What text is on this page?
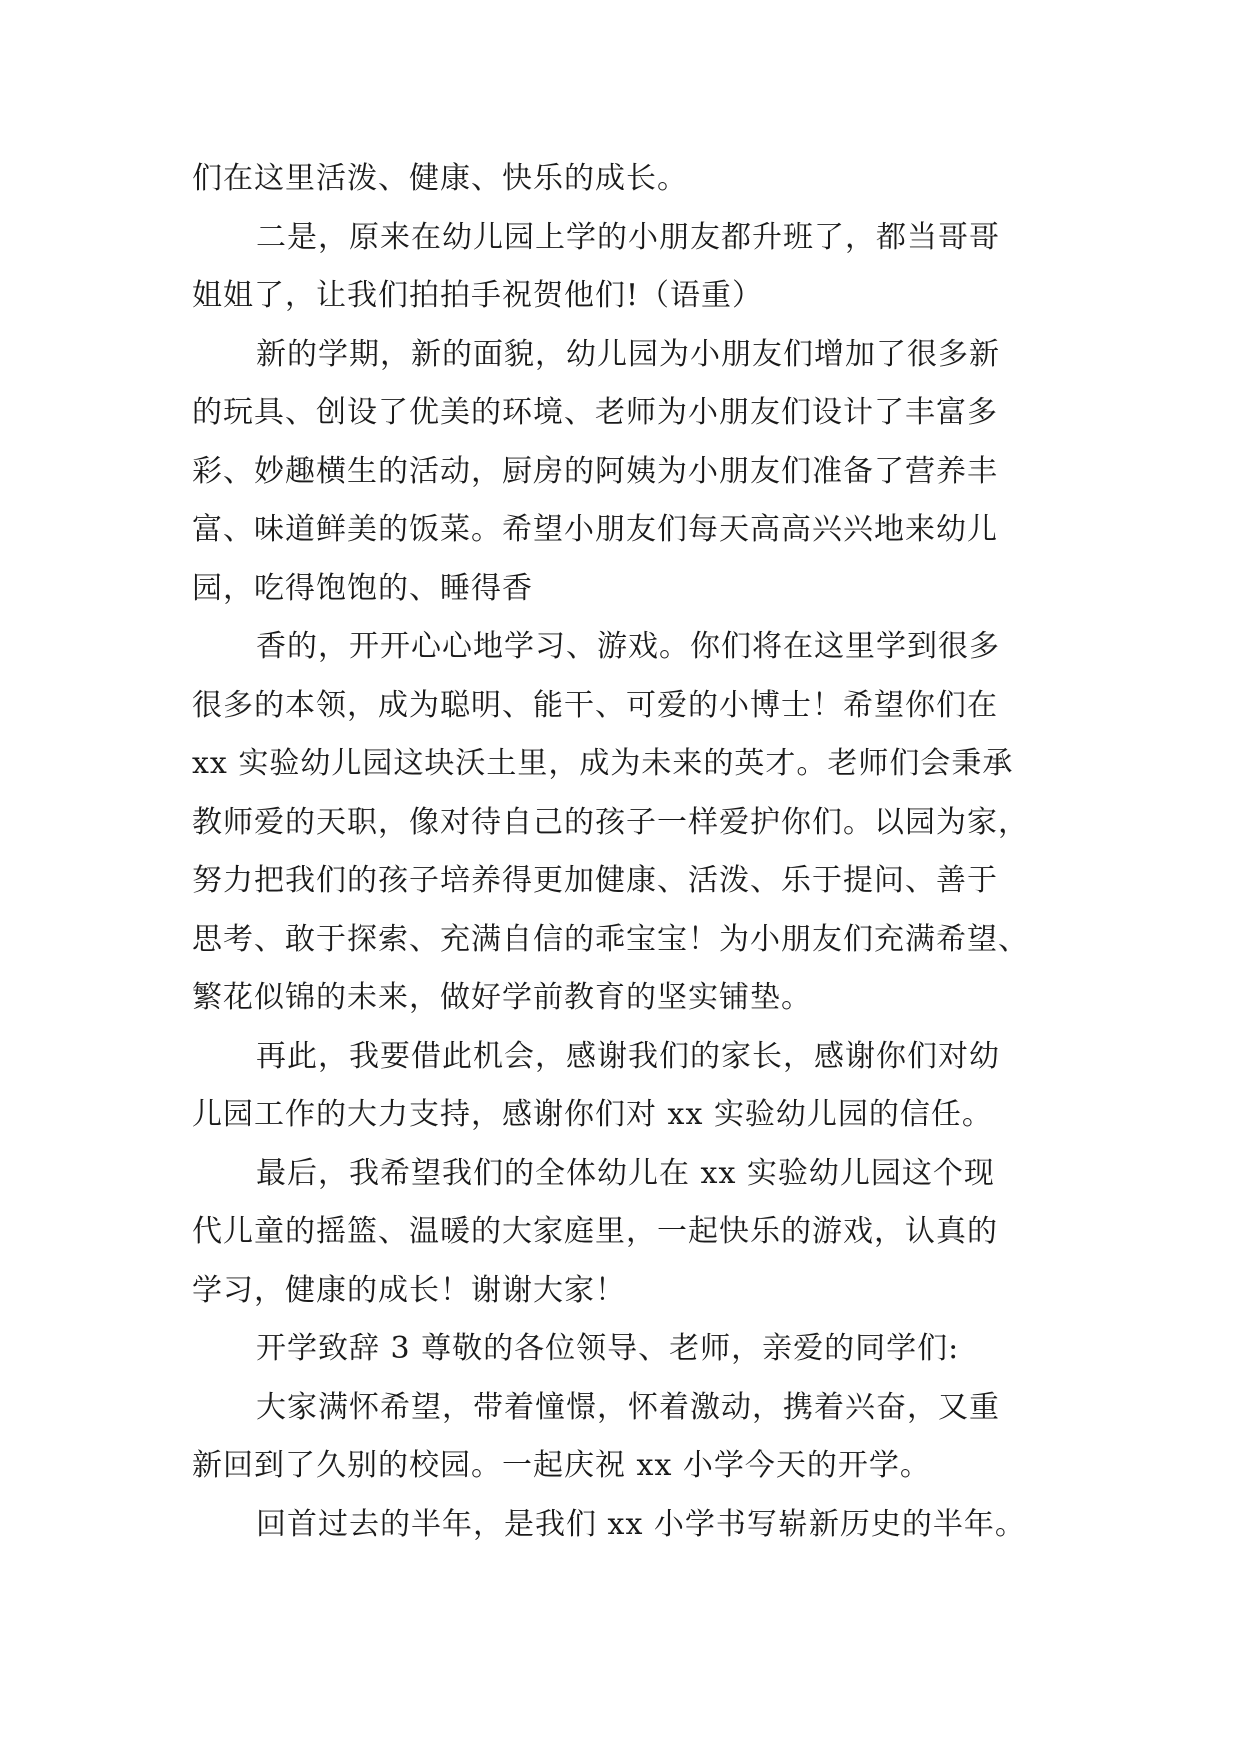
们在这里活泼、健康、快乐的成长。
二是，原来在幼儿园上学的小朋友都升班了，都当哥哥
姐姐了，让我们拍拍手祝贺他们!（语重）
新的学期，新的面貌，幼儿园为小朋友们增加了很多新
的玩具、创设了优美的环境、老师为小朋友们设计了丰富多
彩、妙趣横生的活动，厨房的阿姨为小朋友们准备了营养丰
富、味道鲜美的饭菜。希望小朋友们每天高高兴兴地来幼儿
园，吃得饱饱的、睡得香
香的，开开心心地学习、游戏。你们将在这里学到很多
很多的本领，成为聪明、能干、可爱的小博士！希望你们在
xx 实验幼儿园这块沃土里，成为未来的英才。老师们会秉承
教师爱的天职，像对待自己的孩子一样爱护你们。以园为家，
努力把我们的孩子培养得更加健康、活泼、乐于提问、善于
思考、敢于探索、充满自信的乖宝宝！为小朋友们充满希望、
繁花似锦的未来，做好学前教育的坚实铺垫。
再此，我要借此机会，感谢我们的家长，感谢你们对幼
儿园工作的大力支持，感谢你们对 xx 实验幼儿园的信任。
最后，我希望我们的全体幼儿在 xx 实验幼儿园这个现
代儿童的摇篮、温暖的大家庭里，一起快乐的游戏，认真的
学习，健康的成长！谢谢大家！
开学致辞 3 尊敬的各位领导、老师，亲爱的同学们:
大家满怀希望，带着憧憬，怀着激动，携着兴奋，又重
新回到了久别的校园。一起庆祝 xx 小学今天的开学。
回首过去的半年，是我们 xx 小学书写崭新历史的半年。
